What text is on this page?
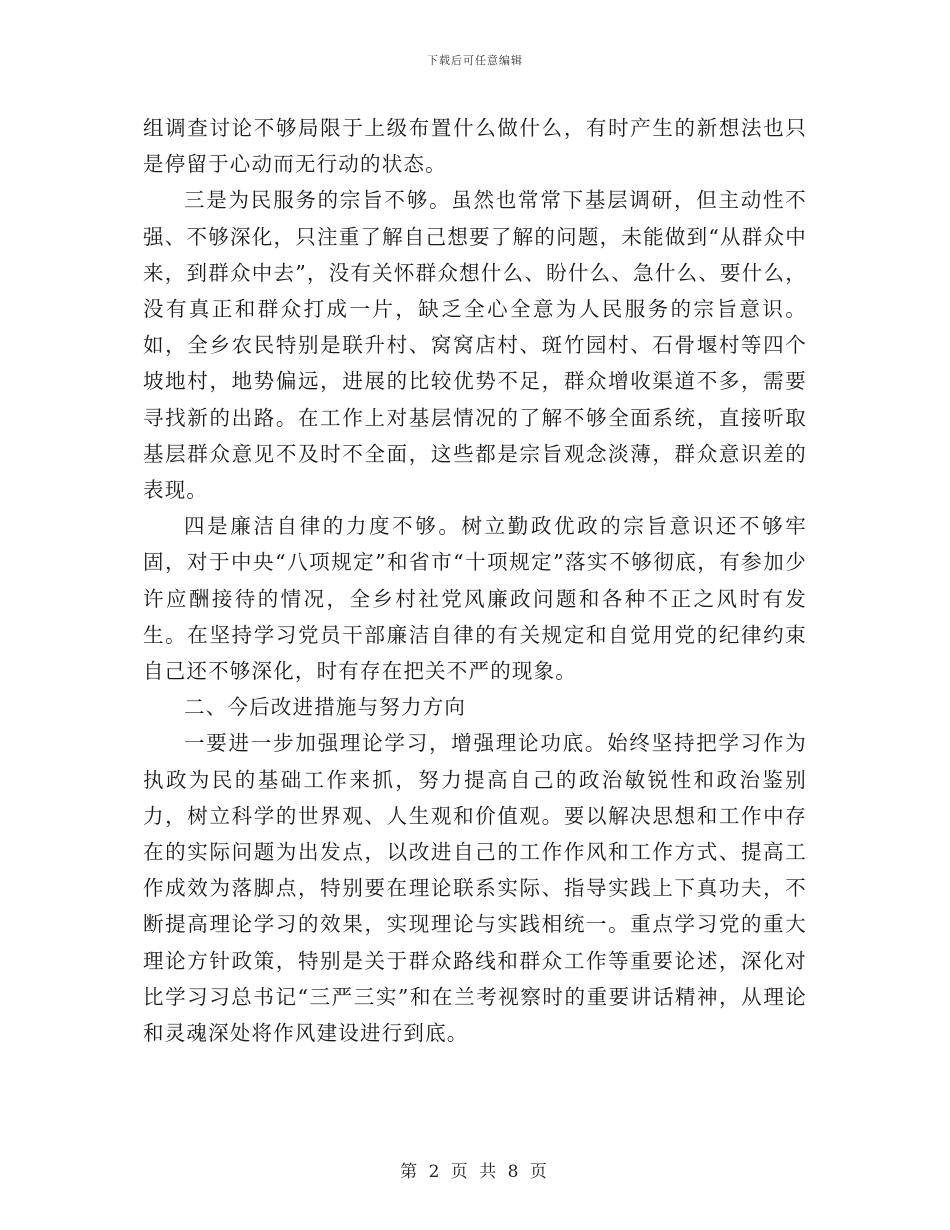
下载后可任意编辑

组调查讨论不够局限于上级布置什么做什么，有时产生的新想法也只是停留于心动而无行动的状态。

三是为民服务的宗旨不够。虽然也常常下基层调研，但主动性不强、不够深化，只注重了解自己想要了解的问题，未能做到“从群众中来，到群众中去”，没有关怀群众想什么、盼什么、急什么、要什么，没有真正和群众打成一片，缺乏全心全意为人民服务的宗旨意识。如，全乡农民特别是联升村、窝窝店村、斑竹园村、石骨堰村等四个坡地村，地势偏远，进展的比较优势不足，群众增收渠道不多，需要寻找新的出路。在工作上对基层情况的了解不够全面系统，直接听取基层群众意见不及时不全面，这些都是宗旨观念淡薄，群众意识差的表现。

四是廉洁自律的力度不够。树立勤政优政的宗旨意识还不够牢固，对于中央“八项规定”和省市“十项规定”落实不够彻底，有参加少许应酬接待的情况，全乡村社党风廉政问题和各种不正之风时有发生。在坚持学习党员干部廉洁自律的有关规定和自觉用党的纪律约束自己还不够深化，时有存在把关不严的现象。

二、今后改进措施与努力方向

一要进一步加强理论学习，增强理论功底。始终坚持把学习作为执政为民的基础工作来抓，努力提高自己的政治敏锐性和政治鉴别力，树立科学的世界观、人生观和价值观。要以解决思想和工作中存在的实际问题为出发点，以改进自己的工作作风和工作方式、提高工作成效为落脚点，特别要在理论联系实际、指导实践上下真功夫，不断提高理论学习的效果，实现理论与实践相统一。重点学习党的重大理论方针政策，特别是关于群众路线和群众工作等重要论述，深化对比学习习总书记“三严三实”和在兰考视察时的重要讲话精神，从理论和灵魂深处将作风建设进行到底。

第 2 页 共 8 页
